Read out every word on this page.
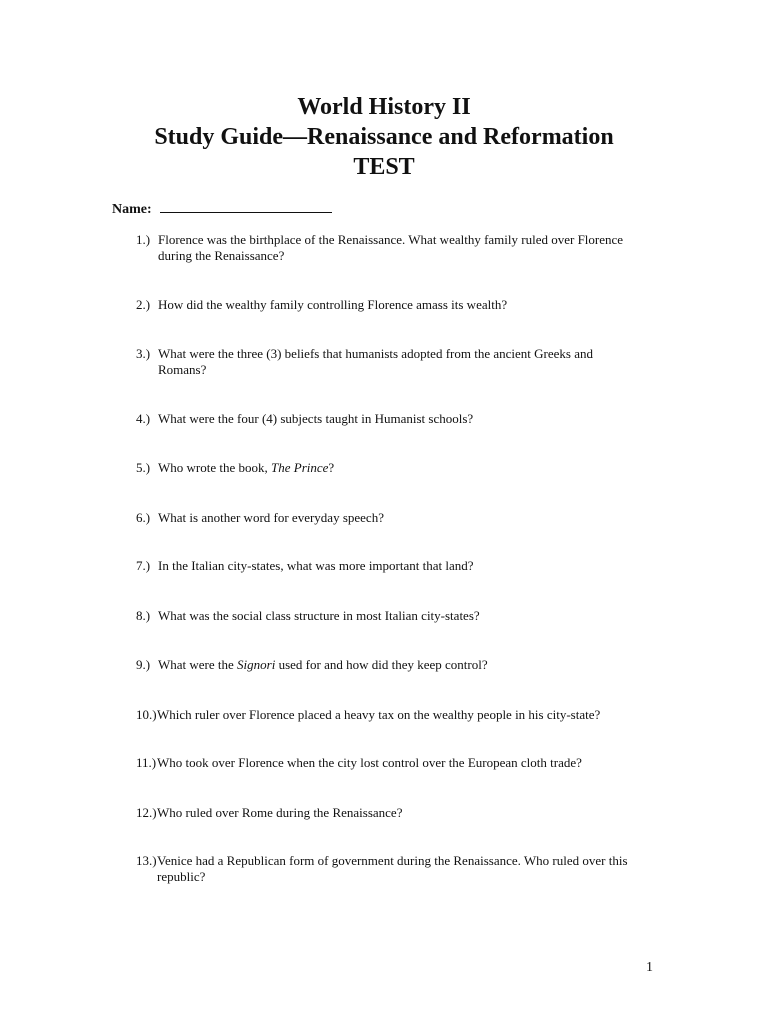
World History II
Study Guide—Renaissance and Reformation
TEST
Name:
1.) Florence was the birthplace of the Renaissance. What wealthy family ruled over Florence during the Renaissance?
2.) How did the wealthy family controlling Florence amass its wealth?
3.) What were the three (3) beliefs that humanists adopted from the ancient Greeks and Romans?
4.) What were the four (4) subjects taught in Humanist schools?
5.) Who wrote the book, The Prince?
6.) What is another word for everyday speech?
7.) In the Italian city-states, what was more important that land?
8.) What was the social class structure in most Italian city-states?
9.) What were the Signori used for and how did they keep control?
10.) Which ruler over Florence placed a heavy tax on the wealthy people in his city-state?
11.) Who took over Florence when the city lost control over the European cloth trade?
12.) Who ruled over Rome during the Renaissance?
13.) Venice had a Republican form of government during the Renaissance. Who ruled over this republic?
1
